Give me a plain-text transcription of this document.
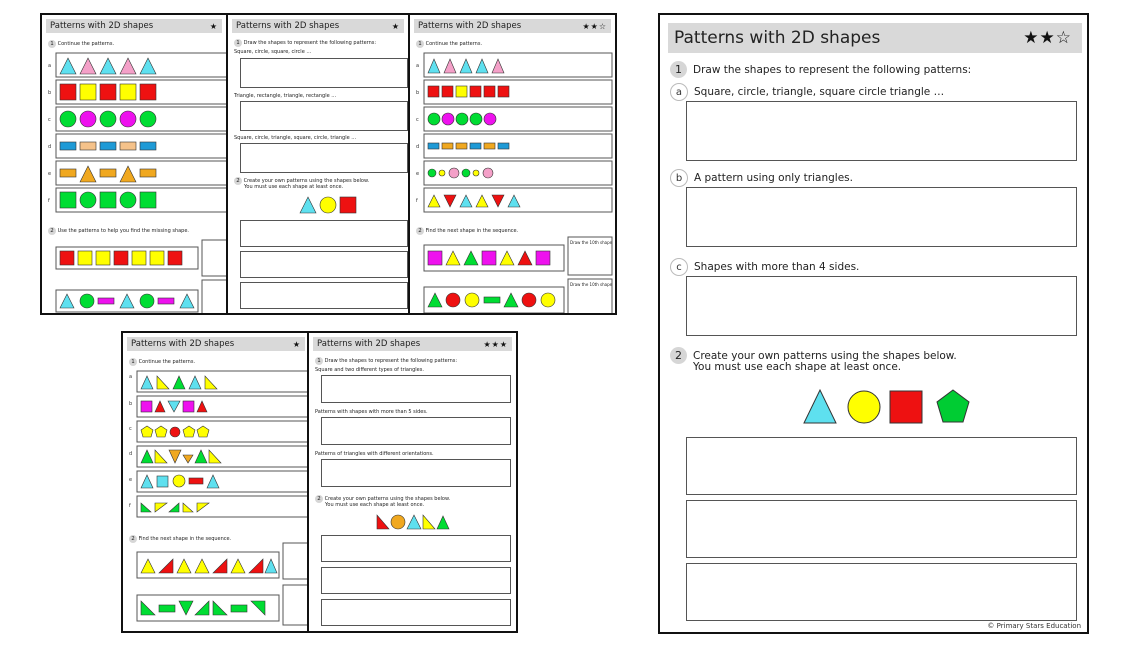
Patterns with 2D shapes	★
1 Continue the patterns.
a
b
c
d
e
f
2 Use the patterns to help you find the missing shape.
Patterns with 2D shapes	★
1 Draw the shapes to represent the following patterns:
Square, circle, square, circle …
Triangle, rectangle, triangle, rectangle …
Square, circle, triangle, square, circle, triangle …
2 Create your own patterns using the shapes below.
You must use each shape at least once.
Patterns with 2D shapes	★★☆
1 Continue the patterns.
a
b
c
d
e
f
2 Find the next shape in the sequence.
Draw the 10th shape
Draw the 10th shape
Patterns with 2D shapes	★
1 Continue the patterns.
a
b
c
d
e
f
2 Find the next shape in the sequence.
Patterns with 2D shapes	★★★
1 Draw the shapes to represent the following patterns:
Square and two different types of triangles.
Patterns with shapes with more than 5 sides.
Patterns of triangles with different orientations.
2 Create your own patterns using the shapes below.
You must use each shape at least once.
Patterns with 2D shapes	★★☆
1	Draw the shapes to represent the following patterns:
a	Square, circle, triangle, square circle triangle …
b	A pattern using only triangles.
c	Shapes with more than 4 sides.
2	Create your own patterns using the shapes below.
You must use each shape at least once.
© Primary Stars Education
